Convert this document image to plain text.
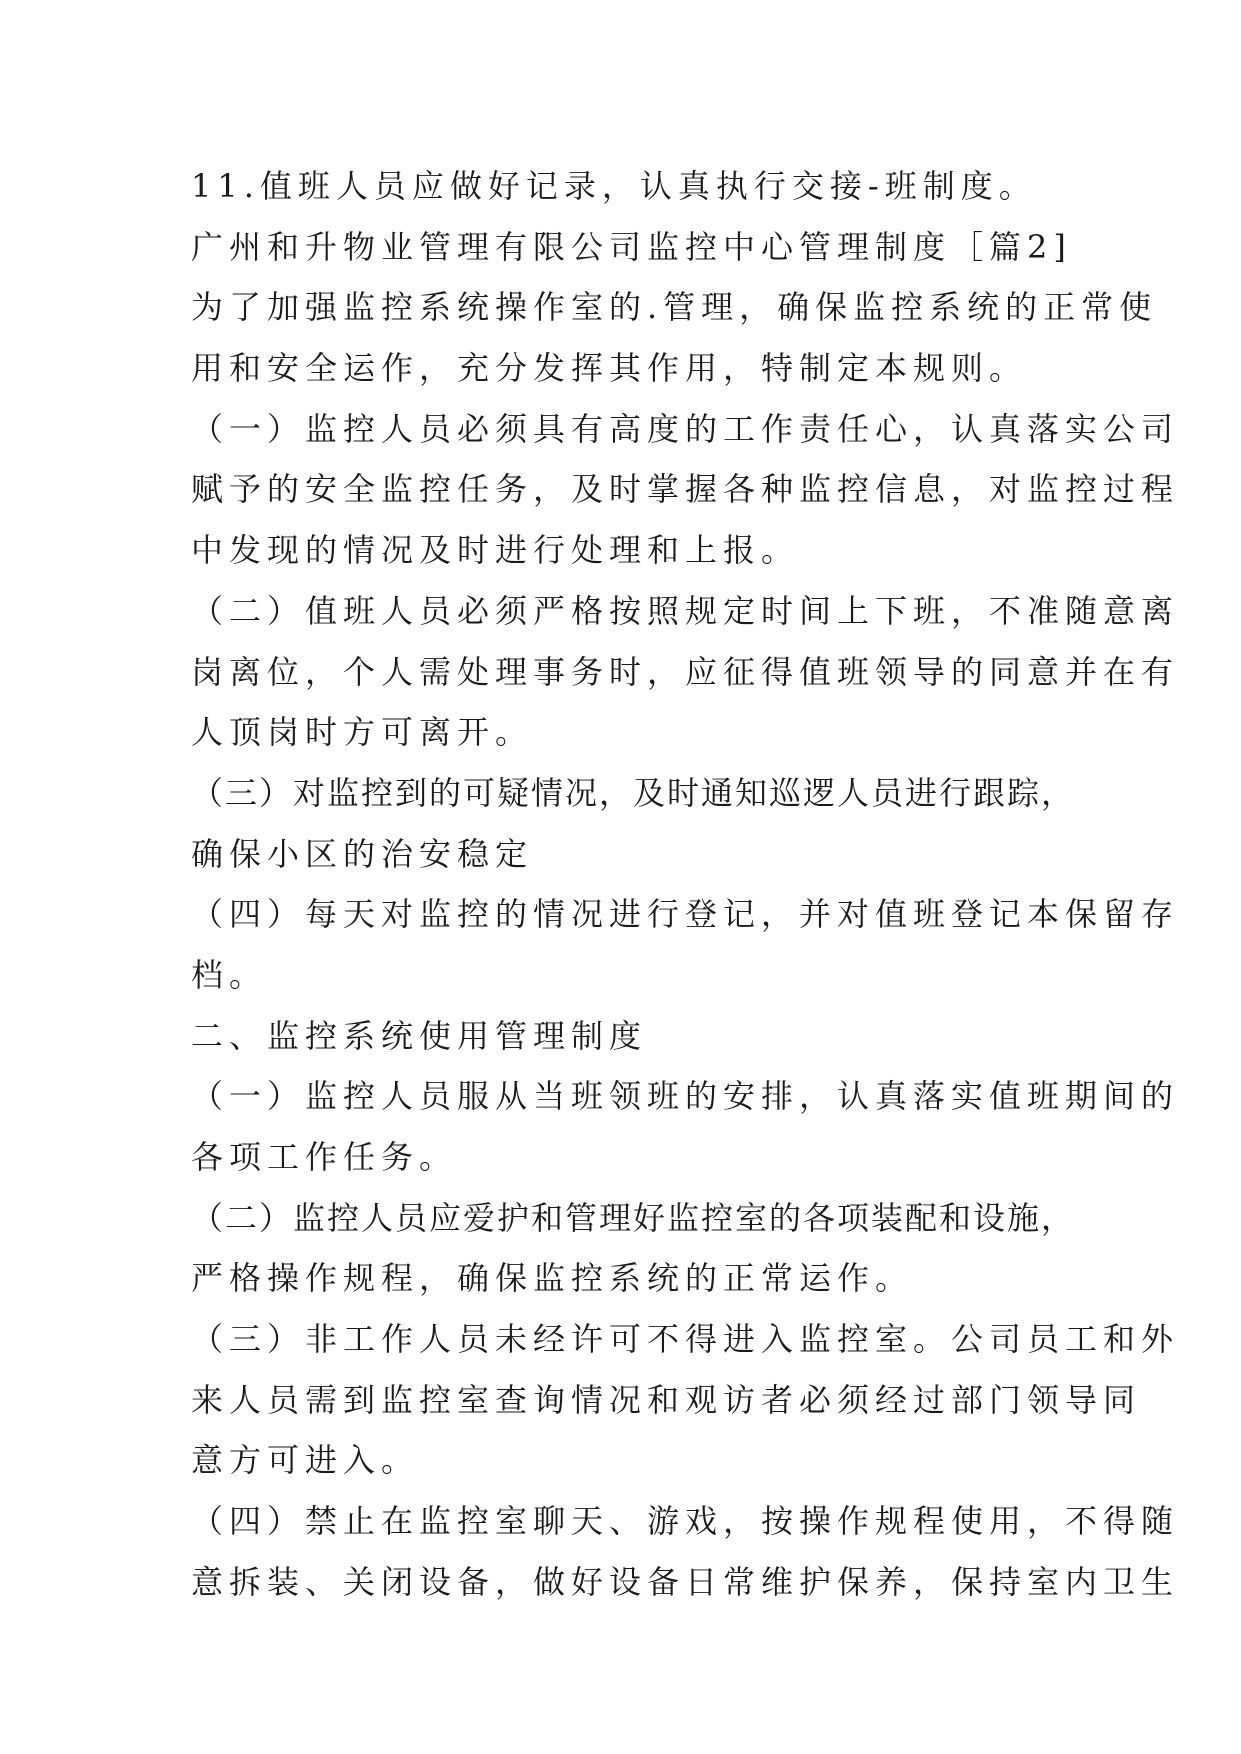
11.值班人员应做好记录，认真执行交接-班制度。
广州和升物业管理有限公司监控中心管理制度［篇2]
为了加强监控系统操作室的.管理，确保监控系统的正常使
用和安全运作，充分发挥其作用，特制定本规则。
（一）监控人员必须具有高度的工作责任心，认真落实公司
赋予的安全监控任务，及时掌握各种监控信息，对监控过程
中发现的情况及时进行处理和上报。
（二）值班人员必须严格按照规定时间上下班，不准随意离
岗离位，个人需处理事务时，应征得值班领导的同意并在有
人顶岗时方可离开。
（三）对监控到的可疑情况，及时通知巡逻人员进行跟踪，
确保小区的治安稳定
（四）每天对监控的情况进行登记，并对值班登记本保留存
档。
二、监控系统使用管理制度
（一）监控人员服从当班领班的安排，认真落实值班期间的
各项工作任务。
（二）监控人员应爱护和管理好监控室的各项装配和设施，
严格操作规程，确保监控系统的正常运作。
（三）非工作人员未经许可不得进入监控室。公司员工和外
来人员需到监控室查询情况和观访者必须经过部门领导同
意方可进入。
（四）禁止在监控室聊天、游戏，按操作规程使用，不得随
意拆装、关闭设备，做好设备日常维护保养，保持室内卫生
